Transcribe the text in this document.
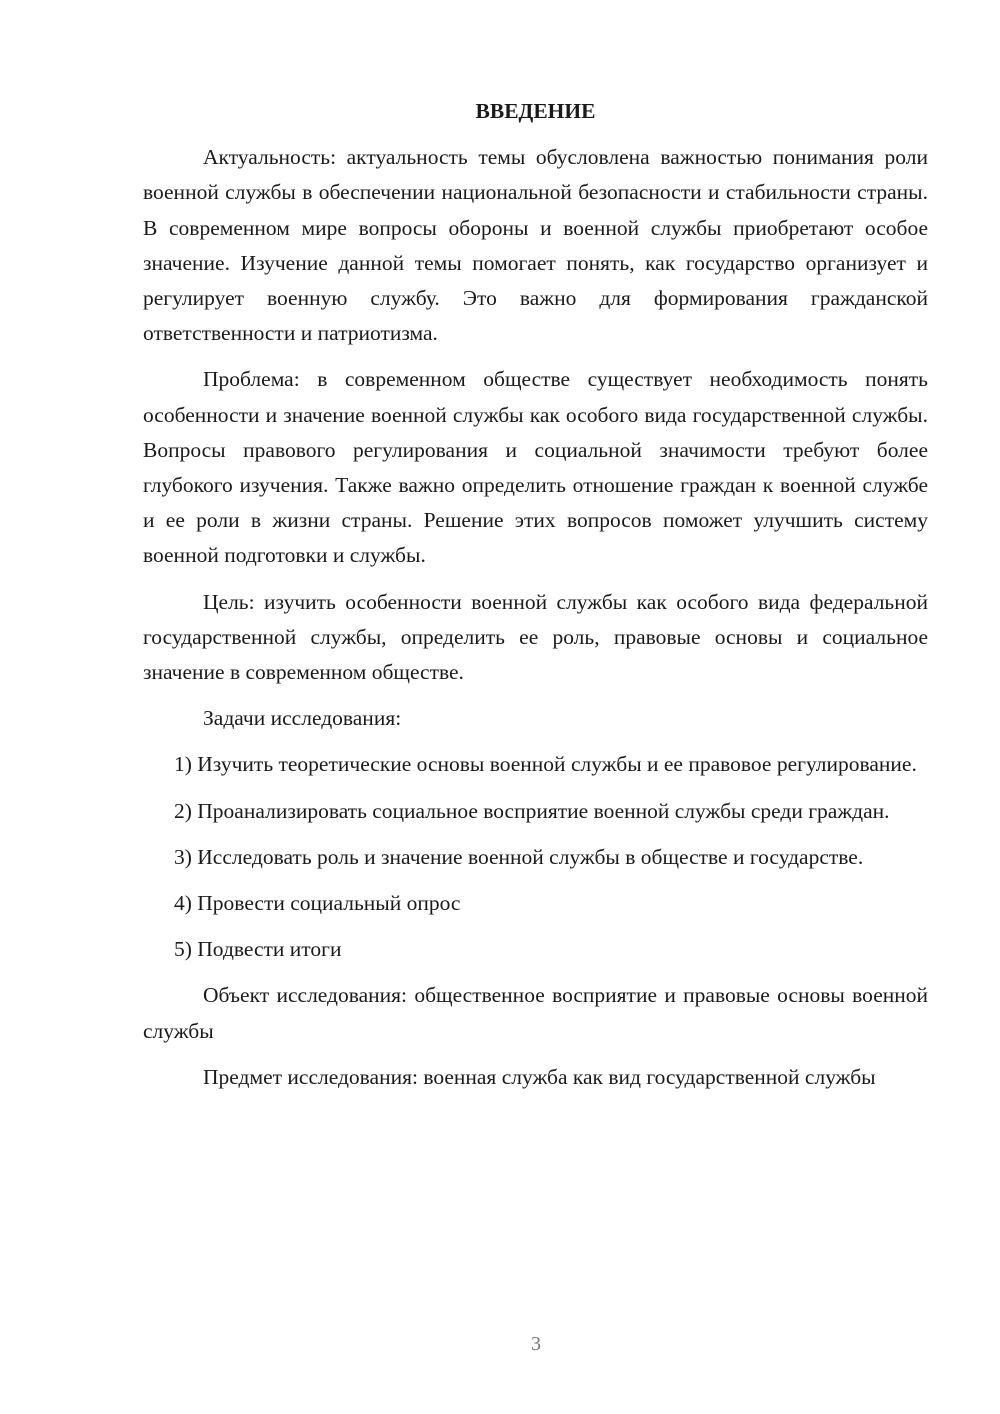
ВВЕДЕНИЕ

Актуальность: актуальность темы обусловлена важностью понимания роли военной службы в обеспечении национальной безопасности и стабильности страны. В современном мире вопросы обороны и военной службы приобретают особое значение. Изучение данной темы помогает понять, как государство организует и регулирует военную службу. Это важно для формирования гражданской ответственности и патриотизма.

Проблема: в современном обществе существует необходимость понять особенности и значение военной службы как особого вида государственной службы. Вопросы правового регулирования и социальной значимости требуют более глубокого изучения. Также важно определить отношение граждан к военной службе и ее роли в жизни страны. Решение этих вопросов поможет улучшить систему военной подготовки и службы.

Цель: изучить особенности военной службы как особого вида федеральной государственной службы, определить ее роль, правовые основы и социальное значение в современном обществе.

Задачи исследования:

1) Изучить теоретические основы военной службы и ее правовое регулирование.

2) Проанализировать социальное восприятие военной службы среди граждан.

3) Исследовать роль и значение военной службы в обществе и государстве.

4) Провести социальный опрос

5) Подвести итоги

Объект исследования: общественное восприятие и правовые основы военной службы

Предмет исследования: военная служба как вид государственной службы

3
